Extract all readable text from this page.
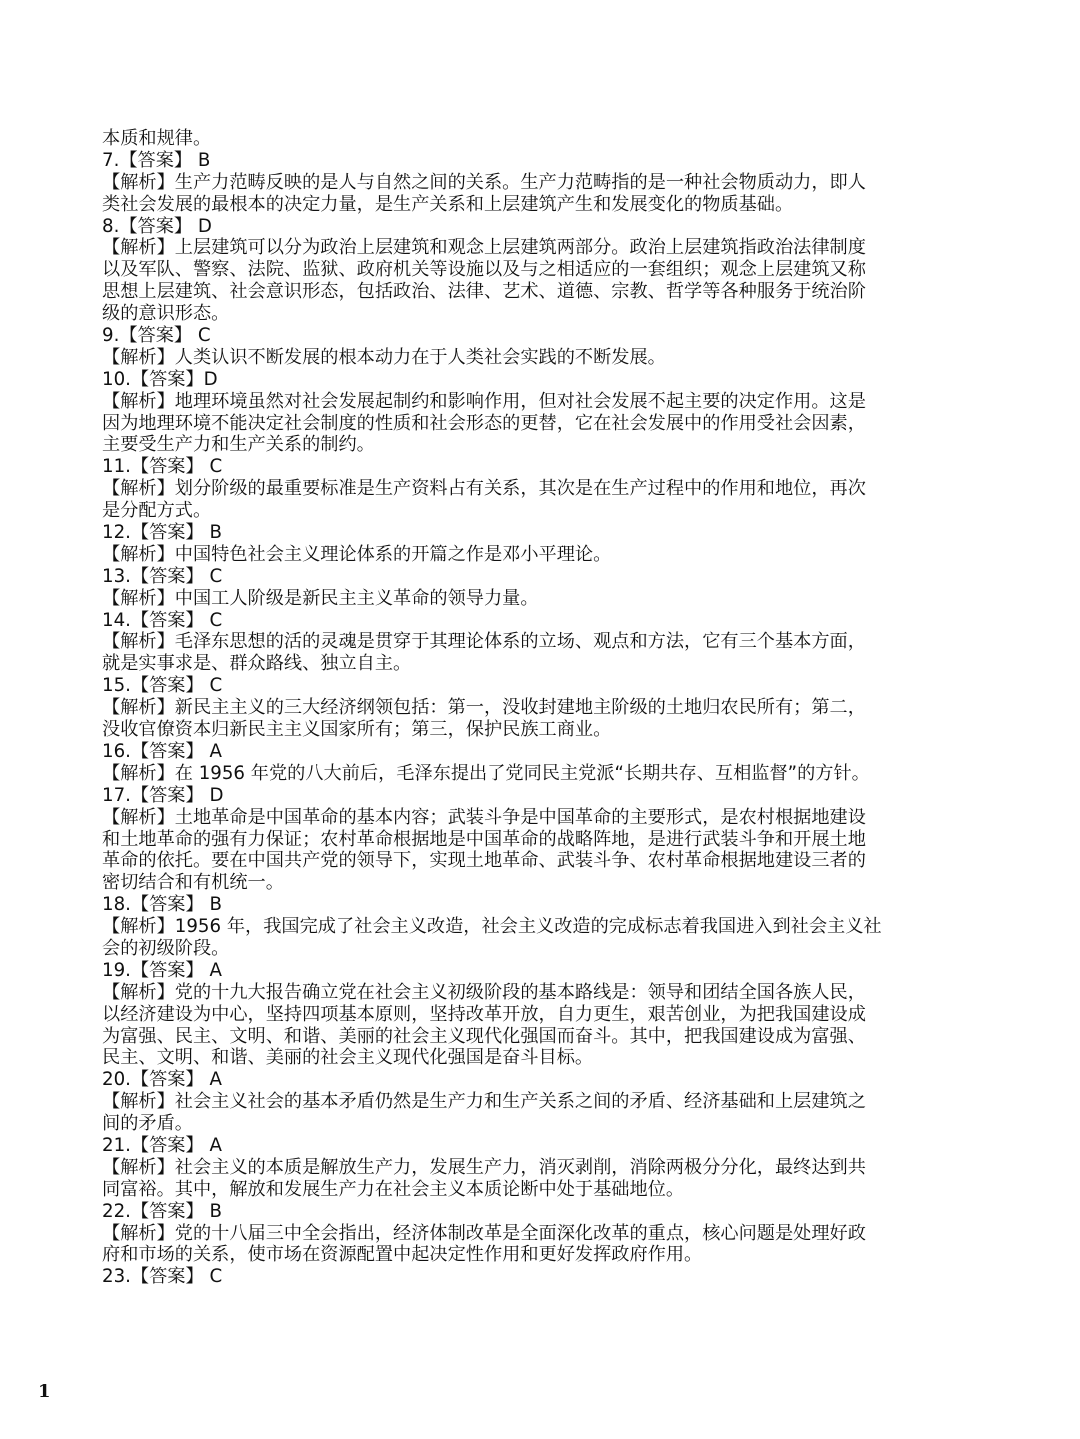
本质和规律。
7.【答案】 B
【解析】生产力范畴反映的是人与自然之间的关系。生产力范畴指的是一种社会物质动力，即人
类社会发展的最根本的决定力量，是生产关系和上层建筑产生和发展变化的物质基础。
8.【答案】 D
【解析】上层建筑可以分为政治上层建筑和观念上层建筑两部分。政治上层建筑指政治法律制度
以及军队、警察、法院、监狱、政府机关等设施以及与之相适应的一套组织；观念上层建筑又称
思想上层建筑、社会意识形态，包括政治、法律、艺术、道德、宗教、哲学等各种服务于统治阶
级的意识形态。
9.【答案】 C
【解析】人类认识不断发展的根本动力在于人类社会实践的不断发展。
10.【答案】D
【解析】地理环境虽然对社会发展起制约和影响作用，但对社会发展不起主要的决定作用。这是
因为地理环境不能决定社会制度的性质和社会形态的更替，它在社会发展中的作用受社会因素，
主要受生产力和生产关系的制约。
11.【答案】 C
【解析】划分阶级的最重要标准是生产资料占有关系，其次是在生产过程中的作用和地位，再次
是分配方式。
12.【答案】 B
【解析】中国特色社会主义理论体系的开篇之作是邓小平理论。
13.【答案】 C
【解析】中国工人阶级是新民主主义革命的领导力量。
14.【答案】 C
【解析】毛泽东思想的活的灵魂是贯穿于其理论体系的立场、观点和方法，它有三个基本方面，
就是实事求是、群众路线、独立自主。
15.【答案】 C
【解析】新民主主义的三大经济纲领包括：第一，没收封建地主阶级的土地归农民所有；第二，
没收官僚资本归新民主主义国家所有；第三，保护民族工商业。
16.【答案】 A
【解析】在 1956 年党的八大前后，毛泽东提出了党同民主党派“长期共存、互相监督”的方针。
17.【答案】 D
【解析】土地革命是中国革命的基本内容；武装斗争是中国革命的主要形式，是农村根据地建设
和土地革命的强有力保证；农村革命根据地是中国革命的战略阵地，是进行武装斗争和开展土地
革命的依托。要在中国共产党的领导下，实现土地革命、武装斗争、农村革命根据地建设三者的
密切结合和有机统一。
18.【答案】 B
【解析】1956 年，我国完成了社会主义改造，社会主义改造的完成标志着我国进入到社会主义社
会的初级阶段。
19.【答案】 A
【解析】党的十九大报告确立党在社会主义初级阶段的基本路线是：领导和团结全国各族人民，
以经济建设为中心，坚持四项基本原则，坚持改革开放，自力更生，艰苦创业，为把我国建设成
为富强、民主、文明、和谐、美丽的社会主义现代化强国而奋斗。其中，把我国建设成为富强、
民主、文明、和谐、美丽的社会主义现代化强国是奋斗目标。
20.【答案】 A
【解析】社会主义社会的基本矛盾仍然是生产力和生产关系之间的矛盾、经济基础和上层建筑之
间的矛盾。
21.【答案】 A
【解析】社会主义的本质是解放生产力，发展生产力，消灭剥削，消除两极分分化，最终达到共
同富裕。其中，解放和发展生产力在社会主义本质论断中处于基础地位。
22.【答案】 B
【解析】党的十八届三中全会指出，经济体制改革是全面深化改革的重点，核心问题是处理好政
府和市场的关系，使市场在资源配置中起决定性作用和更好发挥政府作用。
23.【答案】 C
1
